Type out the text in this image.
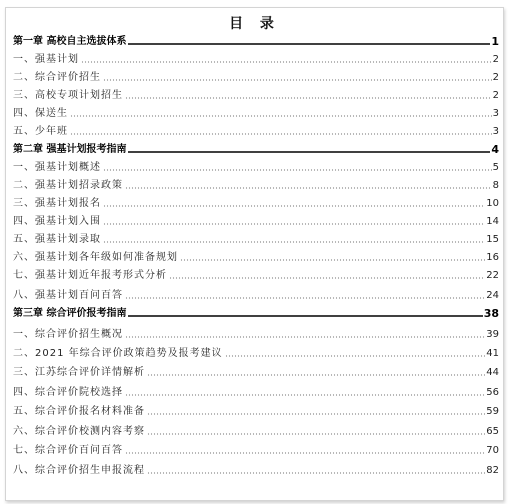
目 录
第一章 高校自主选拔体系	1
一、强基计划	2
二、综合评价招生	2
三、高校专项计划招生	2
四、保送生	3
五、少年班	3
第二章 强基计划报考指南	4
一、强基计划概述	5
二、强基计划招录政策	8
三、强基计划报名	10
四、强基计划入围	14
五、强基计划录取	15
六、强基计划各年级如何准备规划	16
七、强基计划近年报考形式分析	22
八、强基计划百问百答	24
第三章 综合评价报考指南	38
一、综合评价招生概况	39
二、2021 年综合评价政策趋势及报考建议	41
三、江苏综合评价详情解析	44
四、综合评价院校选择	56
五、综合评价报名材料准备	59
六、综合评价校测内容考察	65
七、综合评价百问百答	70
八、综合评价招生申报流程	82
